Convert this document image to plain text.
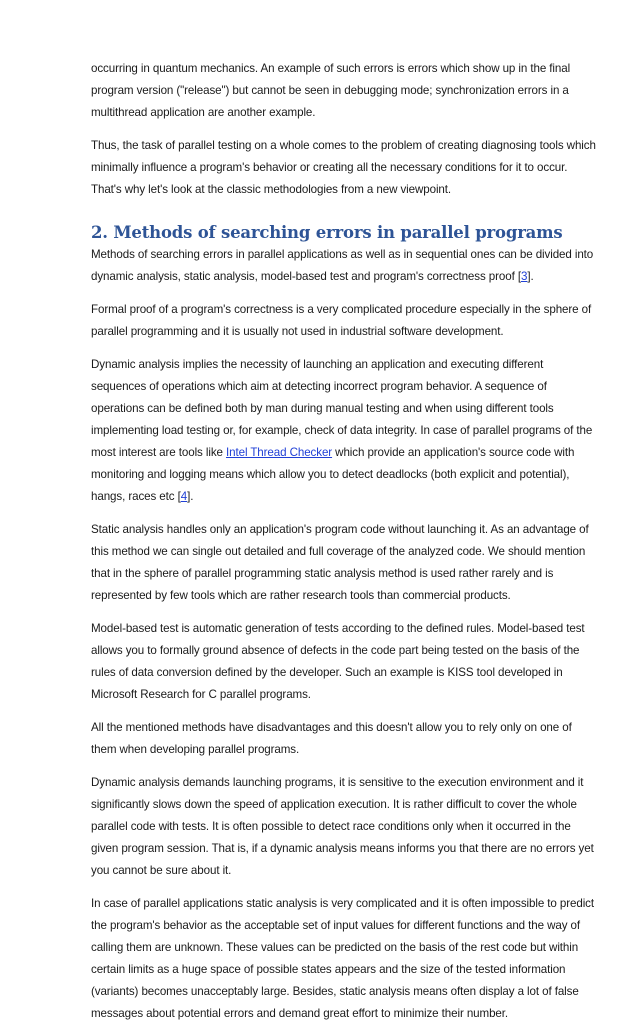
occurring in quantum mechanics. An example of such errors is errors which show up in the final program version ("release") but cannot be seen in debugging mode; synchronization errors in a multithread application are another example.

Thus, the task of parallel testing on a whole comes to the problem of creating diagnosing tools which minimally influence a program's behavior or creating all the necessary conditions for it to occur. That's why let's look at the classic methodologies from a new viewpoint.

2. Methods of searching errors in parallel programs

Methods of searching errors in parallel applications as well as in sequential ones can be divided into dynamic analysis, static analysis, model-based test and program's correctness proof [3].

Formal proof of a program's correctness is a very complicated procedure especially in the sphere of parallel programming and it is usually not used in industrial software development.

Dynamic analysis implies the necessity of launching an application and executing different sequences of operations which aim at detecting incorrect program behavior. A sequence of operations can be defined both by man during manual testing and when using different tools implementing load testing or, for example, check of data integrity. In case of parallel programs of the most interest are tools like Intel Thread Checker which provide an application's source code with monitoring and logging means which allow you to detect deadlocks (both explicit and potential), hangs, races etc [4].

Static analysis handles only an application's program code without launching it. As an advantage of this method we can single out detailed and full coverage of the analyzed code. We should mention that in the sphere of parallel programming static analysis method is used rather rarely and is represented by few tools which are rather research tools than commercial products.

Model-based test is automatic generation of tests according to the defined rules. Model-based test allows you to formally ground absence of defects in the code part being tested on the basis of the rules of data conversion defined by the developer. Such an example is KISS tool developed in Microsoft Research for C parallel programs.

All the mentioned methods have disadvantages and this doesn't allow you to rely only on one of them when developing parallel programs.

Dynamic analysis demands launching programs, it is sensitive to the execution environment and it significantly slows down the speed of application execution. It is rather difficult to cover the whole parallel code with tests. It is often possible to detect race conditions only when it occurred in the given program session. That is, if a dynamic analysis means informs you that there are no errors yet you cannot be sure about it.

In case of parallel applications static analysis is very complicated and it is often impossible to predict the program's behavior as the acceptable set of input values for different functions and the way of calling them are unknown. These values can be predicted on the basis of the rest code but within certain limits as a huge space of possible states appears and the size of the tested information (variants) becomes unacceptably large. Besides, static analysis means often display a lot of false messages about potential errors and demand great effort to minimize their number.
